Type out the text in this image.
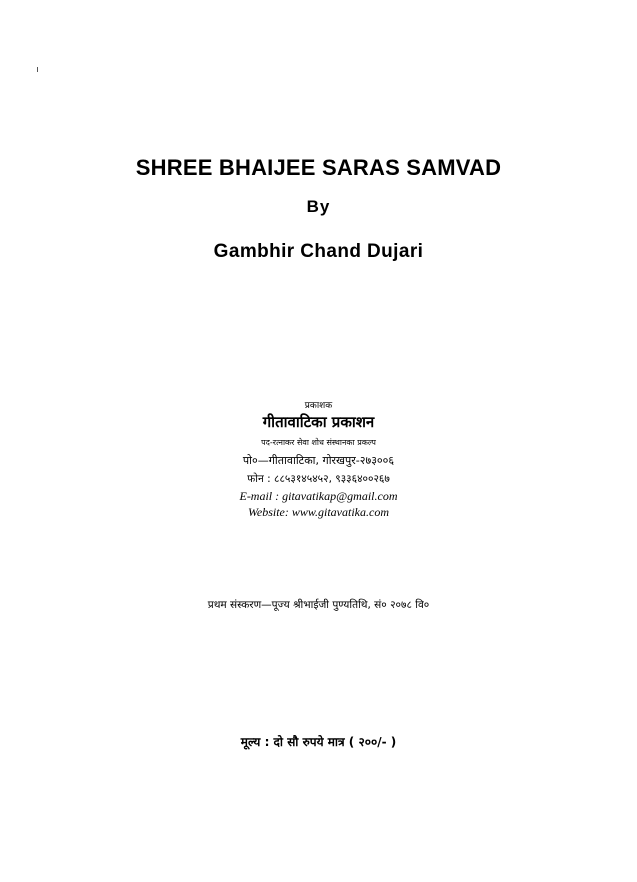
SHREE BHAIJEE SARAS SAMVAD
By
Gambhir Chand Dujari
प्रकाशक
गीतावाटिका प्रकाशन
पद-रत्नाकर सेवा शोध संस्थानका प्रकल्प
पो०—गीतावाटिका, गोरखपुर-२७३००६
फोन : ८८५३१४५४५२, ९३३६४००२६७
E-mail : gitavatikap@gmail.com
Website: www.gitavatika.com
प्रथम संस्करण—पूज्य श्रीभाईजी पुण्यतिथि, सं० २०७८ वि०
मूल्य : दो सौ रुपये मात्र ( २००/- )
